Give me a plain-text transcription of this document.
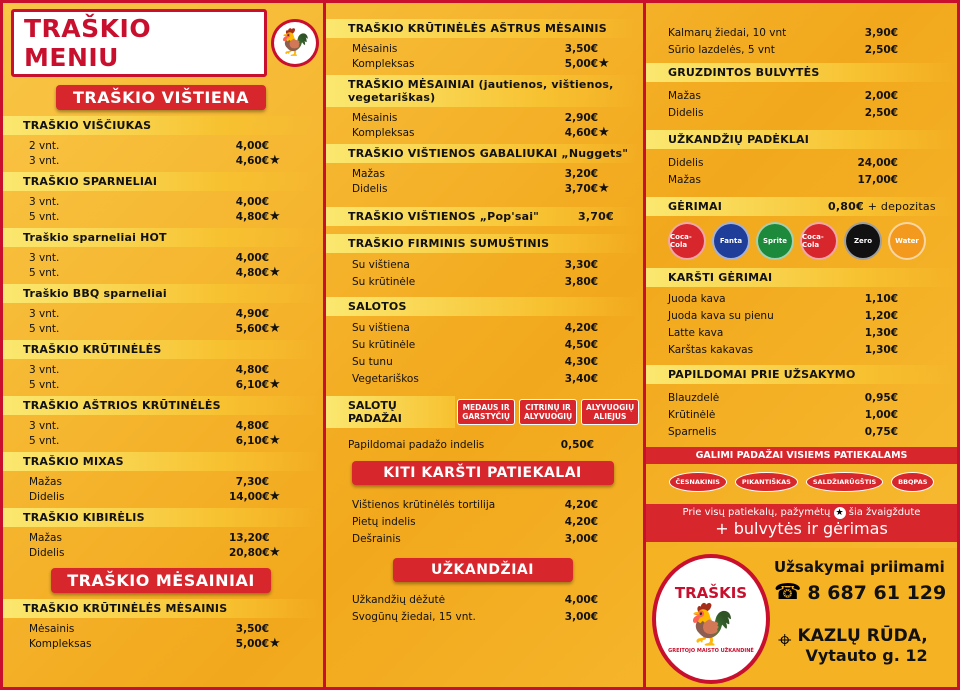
TRAŠKIO MENIU	🐓
TRAŠKIO VIŠTIENA
TRAŠKIO VIŠČIUKAS
2 vnt.	4,00€
3 vnt.	4,60€ ★
TRAŠKIO SPARNELIAI
3 vnt.	4,00€
5 vnt.	4,80€ ★
Traškio sparneliai HOT
3 vnt.	4,00€
5 vnt.	4,80€ ★
Traškio BBQ sparneliai
3 vnt.	4,90€
5 vnt.	5,60€ ★
TRAŠKIO KRŪTINĖLĖS
3 vnt.	4,80€
5 vnt.	6,10€ ★
TRAŠKIO AŠTRIOS KRŪTINĖLĖS
3 vnt.	4,80€
5 vnt.	6,10€ ★
TRAŠKIO MIXAS
Mažas	7,30€
Didelis	14,00€ ★
TRAŠKIO KIBIRĖLIS
Mažas	13,20€
Didelis	20,80€ ★
TRAŠKIO MĖSAINIAI
TRAŠKIO KRŪTINĖLĖS MĖSAINIS
Mėsainis	3,50€
Kompleksas	5,00€ ★
TRAŠKIO KRŪTINĖLĖS AŠTRUS MĖSAINIS
Mėsainis	3,50€
Kompleksas	5,00€ ★
TRAŠKIO MĖSAINIAI (jautienos, vištienos, vegetariškas)
Mėsainis	2,90€
Kompleksas	4,60€ ★
TRAŠKIO VIŠTIENOS GABALIUKAI „Nuggets"
Mažas	3,20€
Didelis	3,70€ ★
TRAŠKIO VIŠTIENOS „Pop'sai"	3,70€
TRAŠKIO FIRMINIS SUMUŠTINIS
Su vištiena	3,30€
Su krūtinėle	3,80€
SALOTOS
Su vištiena	4,20€
Su krūtinėle	4,50€
Su tunu	4,30€
Vegetariškos	3,40€
SALOTŲ PADAŽAI
MEDAUS IR GARSTYČIŲ
CITRINŲ IR ALYVUOGIŲ
ALYVUOGIŲ ALIEJUS
Papildomai padažo indelis	0,50€
KITI KARŠTI PATIEKALAI
Vištienos krūtinėlės tortilija	4,20€
Pietų indelis	4,20€
Dešrainis	3,00€
UŽKANDŽIAI
Užkandžių dėžutė	4,00€
Svogūnų žiedai, 15 vnt.	3,00€
Kalmarų žiedai, 10 vnt	3,90€
Sūrio lazdelės, 5 vnt	2,50€
GRUZDINTOS BULVYTĖS
Mažas	2,00€
Didelis	2,50€
UŽKANDŽIŲ PADĖKLAI
Didelis	24,00€
Mažas	17,00€
GĖRIMAI	0,80€ + depozitas
Coca-Cola	Fanta	Sprite	Coca-Cola	Zero	Water
KARŠTI GĖRIMAI
Juoda kava	1,10€
Juoda kava su pienu	1,20€
Latte kava	1,30€
Karštas kakavas	1,30€
PAPILDOMAI PRIE UŽSAKYMO
Blauzdelė	0,95€
Krūtinėlė	1,00€
Sparnelis	0,75€
GALIMI PADAŽAI VISIEMS PATIEKALAMS
ČESNAKINIS	PIKANTIŠKAS	SALDŽIARŪGŠTIS	BBQPAS
Prie visų patiekalų, pažymėtų ★ šia žvaigždute
+ bulvytės ir gėrimas
TRAŠKIS
🐓
GREITOJO MAISTO UŽKANDINĖ
Užsakymai priimami
☎ 8 687 61 129
⌖ KAZLŲ RŪDA,
Vytauto g. 12
